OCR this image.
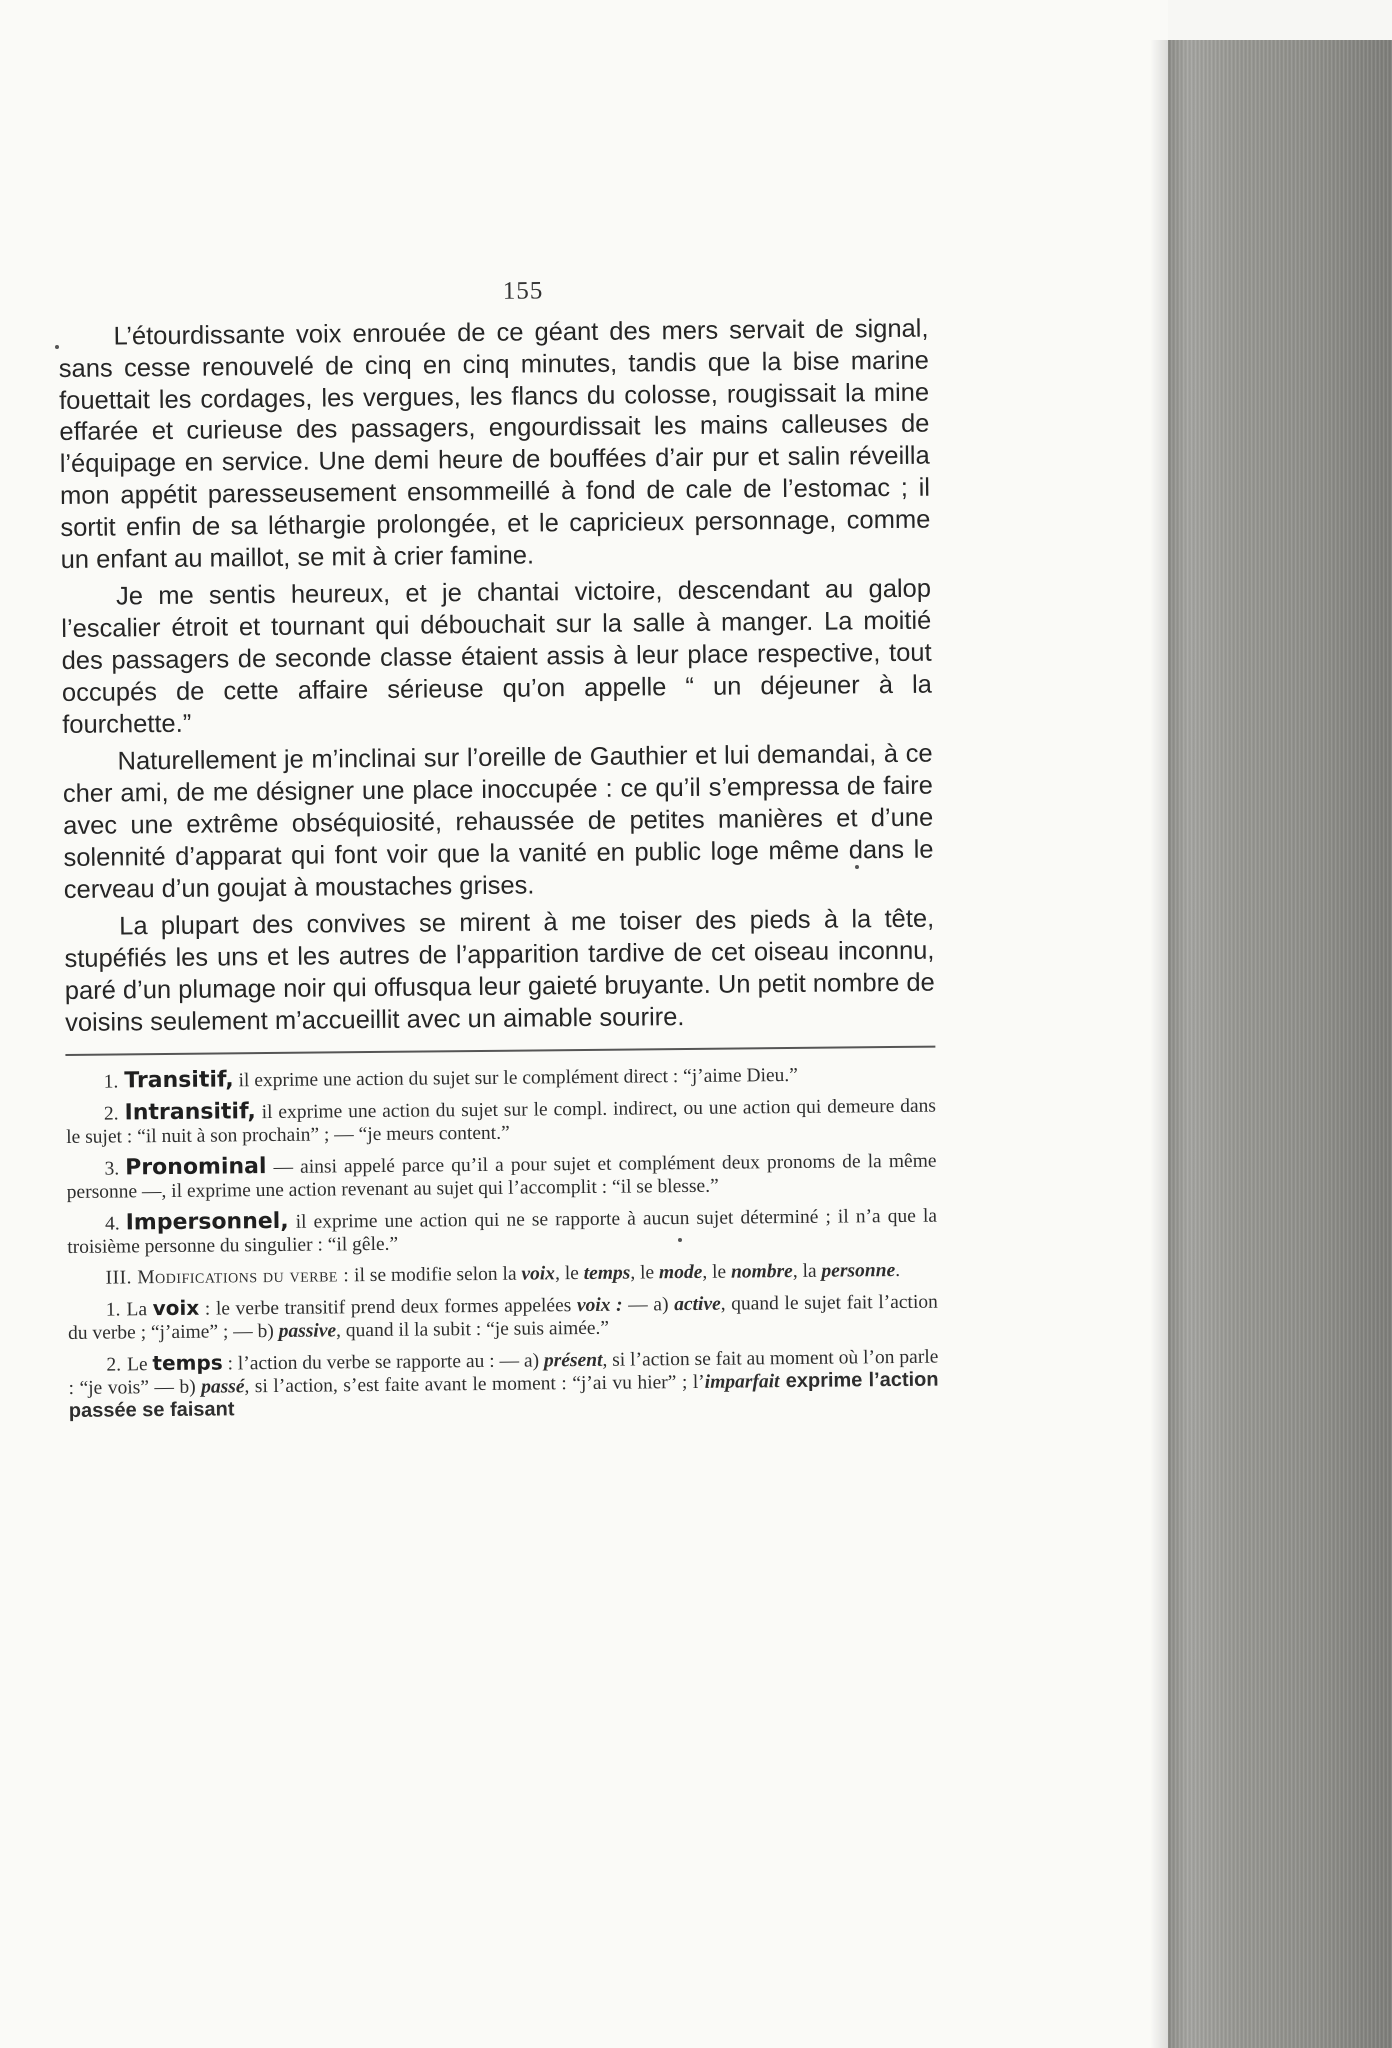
155

L’étourdissante voix enrouée de ce géant des mers servait de signal, sans cesse renouvelé de cinq en cinq minutes, tandis que la bise marine fouettait les cordages, les vergues, les flancs du colosse, rougissait la mine effarée et curieuse des passagers, engourdissait les mains calleuses de l’équipage en service. Une demi heure de bouffées d’air pur et salin réveilla mon appétit paresseusement ensommeillé à fond de cale de l’estomac ; il sortit enfin de sa léthargie prolongée, et le capricieux personnage, comme un enfant au maillot, se mit à crier famine.

Je me sentis heureux, et je chantai victoire, descendant au galop l’escalier étroit et tournant qui débouchait sur la salle à manger. La moitié des passagers de seconde classe étaient assis à leur place respective, tout occupés de cette affaire sérieuse qu’on appelle “ un déjeuner à la fourchette.”

Naturellement je m’inclinai sur l’oreille de Gauthier et lui demandai, à ce cher ami, de me désigner une place inoccupée : ce qu’il s’empressa de faire avec une extrême obséquiosité, rehaussée de petites manières et d’une solennité d’apparat qui font voir que la vanité en public loge même dans le cerveau d’un goujat à moustaches grises.

La plupart des convives se mirent à me toiser des pieds à la tête, stupéfiés les uns et les autres de l’apparition tardive de cet oiseau inconnu, paré d’un plumage noir qui offusqua leur gaieté bruyante. Un petit nombre de voisins seulement m’accueillit avec un aimable sourire.

1. Transitif, il exprime une action du sujet sur le complément direct : “j’aime Dieu.”

2. Intransitif, il exprime une action du sujet sur le compl. indirect, ou une action qui demeure dans le sujet : “il nuit à son prochain” ; — “je meurs content.”

3. Pronominal — ainsi appelé parce qu’il a pour sujet et complément deux pronoms de la même personne —, il exprime une action revenant au sujet qui l’accomplit : “il se blesse.”

4. Impersonnel, il exprime une action qui ne se rapporte à aucun sujet déterminé ; il n’a que la troisième personne du singulier : “il gêle.”

III. Modifications du verbe : il se modifie selon la voix, le temps, le mode, le nombre, la personne.

1. La voix : le verbe transitif prend deux formes appelées voix : — a) active, quand le sujet fait l’action du verbe ; “j’aime” ; — b) passive, quand il la subit : “je suis aimée.”

2. Le temps : l’action du verbe se rapporte au : — a) présent, si l’action se fait au moment où l’on parle : “je vois” — b) passé, si l’action, s’est faite avant le moment : “j’ai vu hier” ; l’imparfait exprime l’action passée se faisant
